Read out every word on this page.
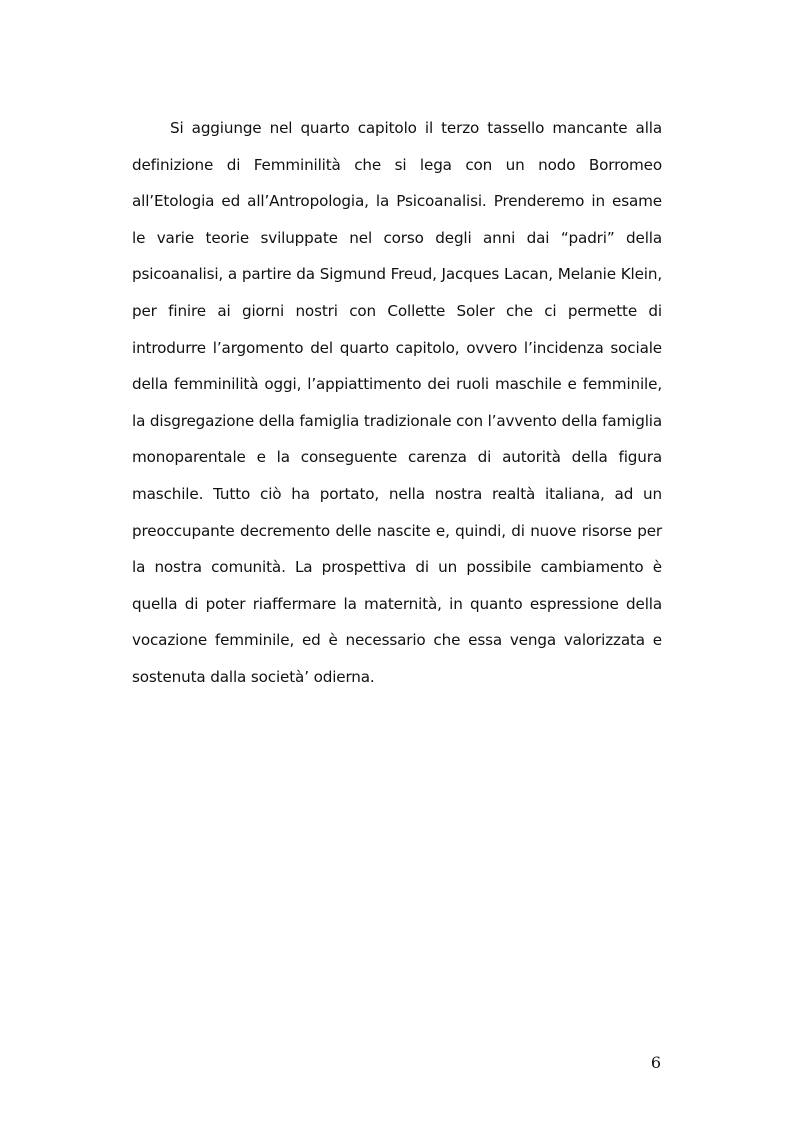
Si aggiunge nel quarto capitolo il terzo tassello mancante alla definizione di Femminilità che si lega con un nodo Borromeo all’Etologia ed all’Antropologia, la Psicoanalisi. Prenderemo in esame le varie teorie sviluppate nel corso degli anni dai “padri” della psicoanalisi, a partire da Sigmund Freud, Jacques Lacan, Melanie Klein, per finire ai giorni nostri con Collette Soler che ci permette di introdurre l’argomento del quarto capitolo, ovvero l’incidenza sociale della femminilità oggi, l’appiattimento dei ruoli maschile e femminile, la disgregazione della famiglia tradizionale con l’avvento della famiglia monoparentale e la conseguente carenza di autorità della figura maschile. Tutto ciò ha portato, nella nostra realtà italiana, ad un preoccupante decremento delle nascite e, quindi, di nuove risorse per la nostra comunità. La prospettiva di un possibile cambiamento è quella di poter riaffermare la maternità, in quanto espressione della vocazione femminile, ed è necessario che essa venga valorizzata e sostenuta dalla società’ odierna.

6
